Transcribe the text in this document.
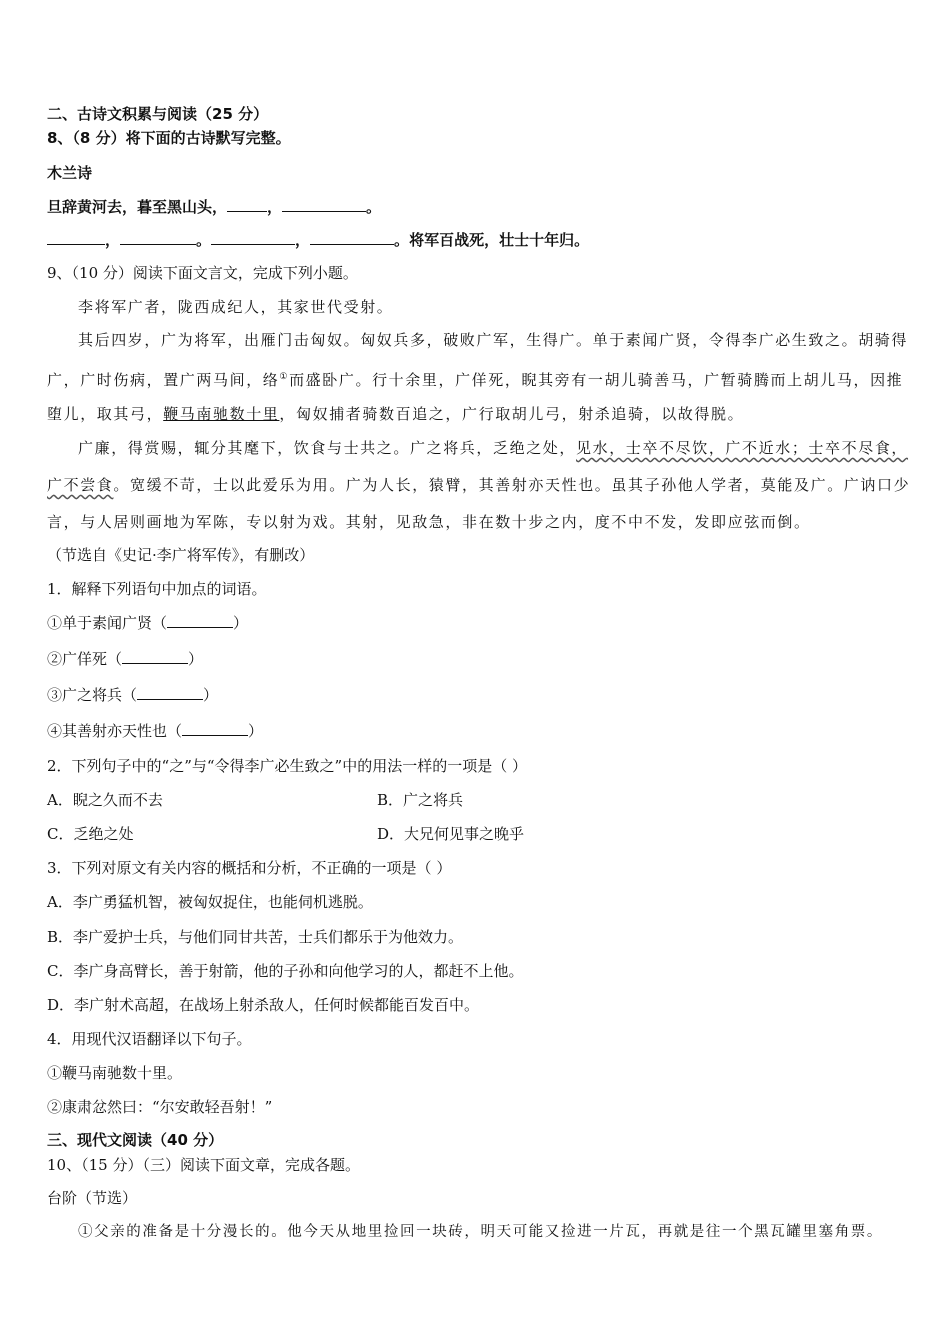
二、古诗文积累与阅读（25 分）
8、（8 分）将下面的古诗默写完整。
木兰诗
旦辞黄河去，暮至黑山头，	，	。
，	。	，	。将军百战死，壮士十年归。
9、（10 分）阅读下面文言文，完成下列小题。
李将军广者，陇西成纪人，其家世代受射。
其后四岁，广为将军，出雁门击匈奴。匈奴兵多，破败广军，生得广。单于素闻广贤，令得李广必生致之。胡骑得
广，广时伤病，置广两马间，络①而盛卧广。行十余里，广佯死，睨其旁有一胡儿骑善马，广暂骑腾而上胡儿马，因推
堕儿，取其弓，鞭马南驰数十里，匈奴捕者骑数百追之，广行取胡儿弓，射杀追骑，以故得脱。
广廉，得赏赐，辄分其麾下，饮食与士共之。广之将兵，乏绝之处，见水，士卒不尽饮，广不近水；士卒不尽食，
广不尝食。宽缓不苛，士以此爱乐为用。广为人长，猿臂，其善射亦天性也。虽其子孙他人学者，莫能及广。广讷口少
言，与人居则画地为军陈，专以射为戏。其射，见敌急，非在数十步之内，度不中不发，发即应弦而倒。
（节选自《史记·李广将军传》，有删改）
1．解释下列语句中加点的词语。
①单于素闻广贤（	）
②广佯死（	）
③广之将兵（	）
④其善射亦天性也（	）
2．下列句子中的“之”与“令得李广必生致之”中的用法一样的一项是（ ）
A．睨之久而不去	B．广之将兵
C．乏绝之处	D．大兄何见事之晚乎
3．下列对原文有关内容的概括和分析，不正确的一项是（ ）
A．李广勇猛机智，被匈奴捉住，也能伺机逃脱。
B．李广爱护士兵，与他们同甘共苦，士兵们都乐于为他效力。
C．李广身高臂长，善于射箭，他的子孙和向他学习的人，都赶不上他。
D．李广射术高超，在战场上射杀敌人，任何时候都能百发百中。
4．用现代汉语翻译以下句子。
①鞭马南驰数十里。
②康肃忿然曰：“尔安敢轻吾射！”
三、现代文阅读（40 分）
10、（15 分）（三）阅读下面文章，完成各题。
台阶（节选）
①父亲的准备是十分漫长的。他今天从地里捡回一块砖，明天可能又捡进一片瓦，再就是往一个黑瓦罐里塞角票。
